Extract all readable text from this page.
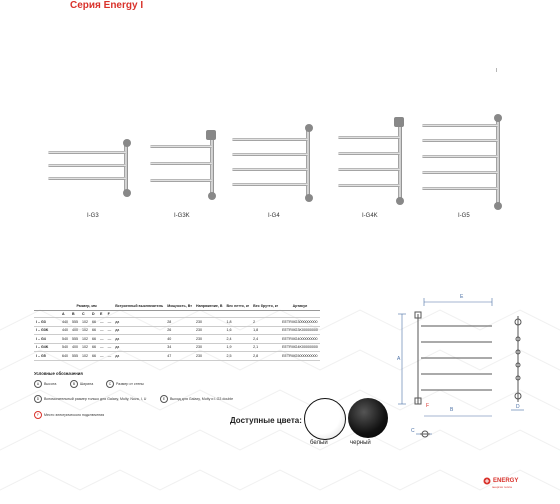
Серия Energy I
I
I-G3	I-G3K	I-G4	I-G4K	I-G5
	Размер, мм						Встроенный выключатель	Мощность, Вт	Напряжение, В	Вес нетто, кг	Вес брутто, кг	Артикул
	A	B	C	D	E	F						
I – G3	440	555	102	66	—	—	да	28	230	1,8	2	EETRIIIG3000000000
I – G3K	440	400	102	66	—	—	да	26	230	1,6	1,8	EETRIIIG3K00000000
I – G4	540	555	102	66	—	—	да	40	230	2,4	2,4	EETRIIIG4000000000
I – G4K	540	400	102	66	—	—	да	34	230	1,9	2,1	EETRIIIG4K00000000
I – G5	640	555	102	66	—	—	да	47	230	2,5	2,8	EETRIIIG5000000000
Условные обозначения
A	Высота	B	Ширина	C	Размер от стены
D	Вспомогательный размер только для Galaxy, Multy, Nova, I, U	E	Выход для Galaxy, Multy и I-G3 double
F	Место электрического подключения
Доступные цвета:
белый	черный
E
A
B
C
D
F
ENERGY
энергия тепла
